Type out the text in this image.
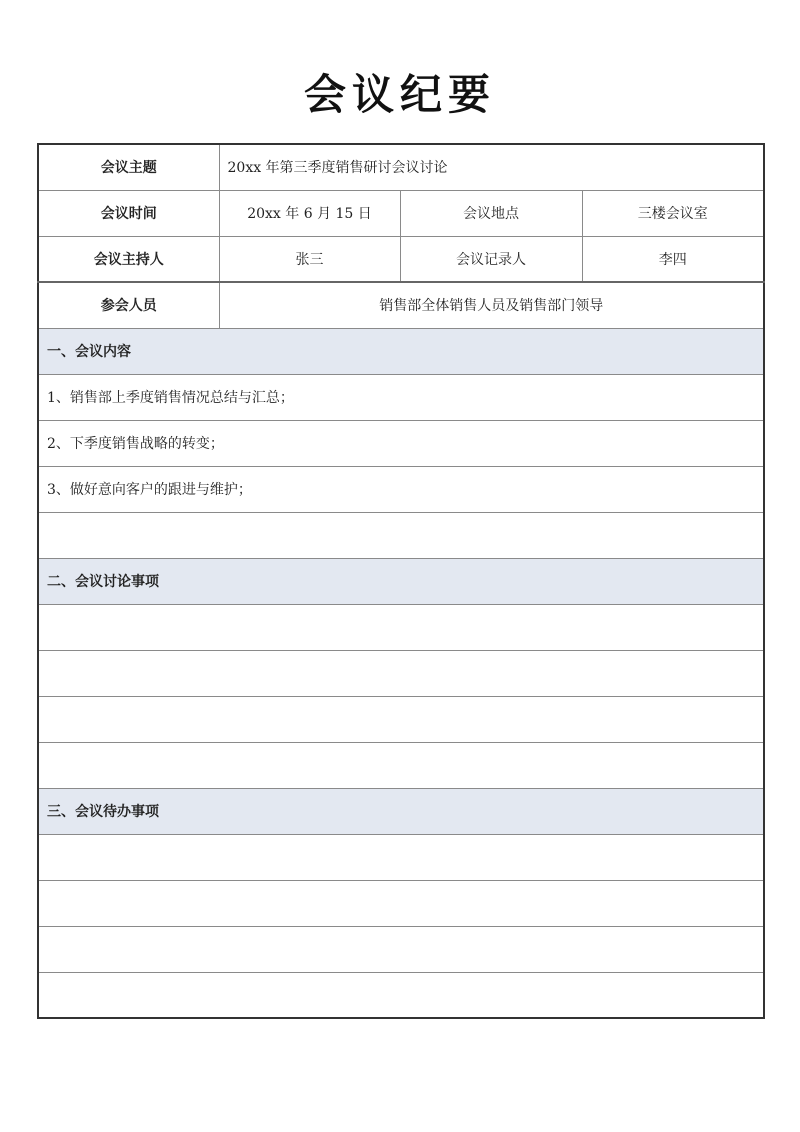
会议纪要
会议主题	20xx 年第三季度销售研讨会议讨论		
会议时间	20xx 年 6 月 15 日	会议地点	三楼会议室
会议主持人	张三	会议记录人	李四
参会人员	销售部全体销售人员及销售部门领导		
一、会议内容			
1、销售部上季度销售情况总结与汇总；			
2、下季度销售战略的转变；			
3、做好意向客户的跟进与维护；			

二、会议讨论事项			

三、会议待办事项			
